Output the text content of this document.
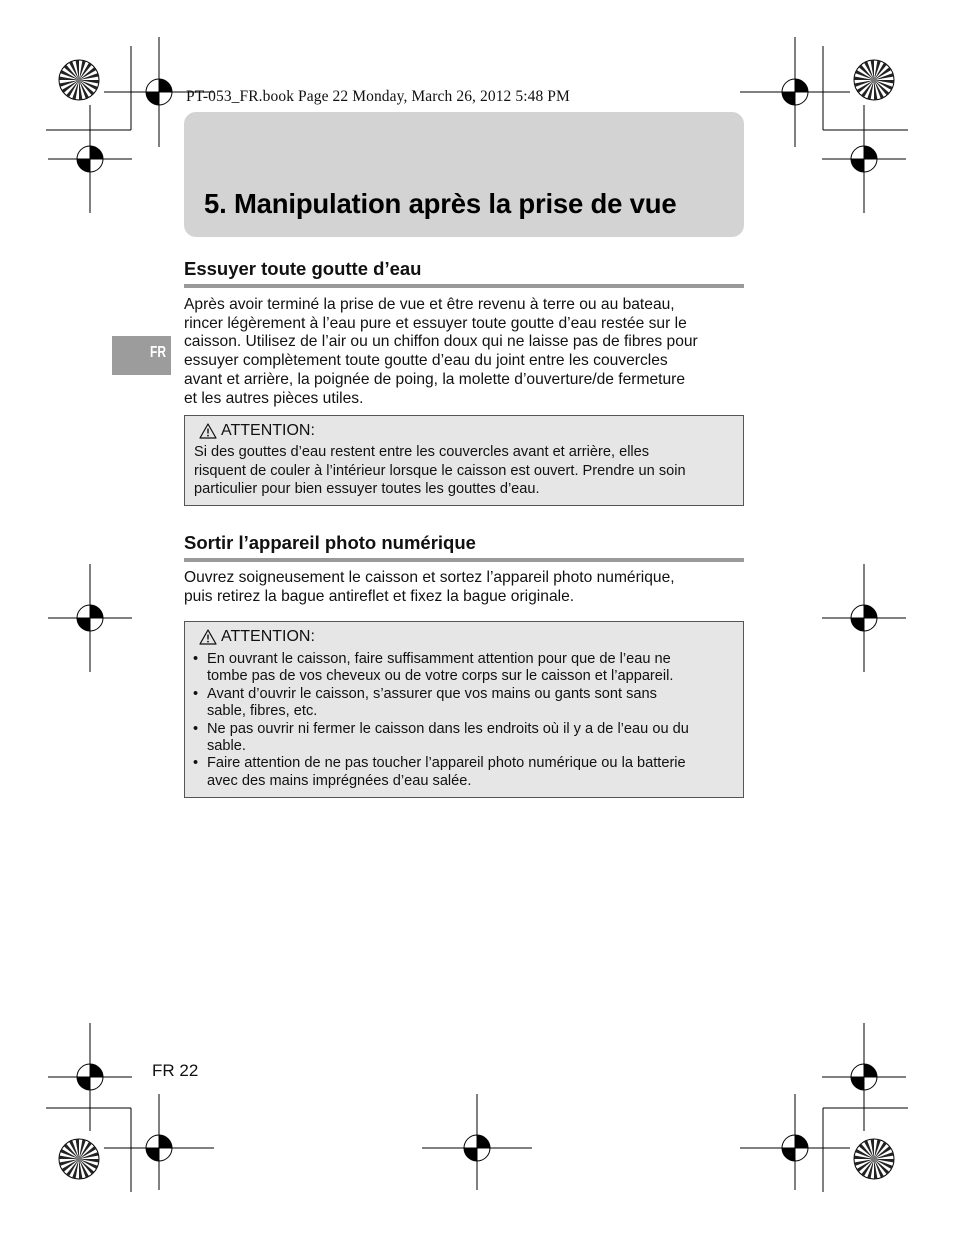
PT-053_FR.book Page 22 Monday, March 26, 2012 5:48 PM
5. Manipulation après la prise de vue
FR
Essuyer toute goutte d’eau

Après avoir terminé la prise de vue et être revenu à terre ou au bateau,
rincer légèrement à l’eau pure et essuyer toute goutte d’eau restée sur le
caisson. Utilisez de l’air ou un chiffon doux qui ne laisse pas de fibres pour
essuyer complètement toute goutte d’eau du joint entre les couvercles
avant et arrière, la poignée de poing, la molette d’ouverture/de fermeture
et les autres pièces utiles.

ATTENTION:

Si des gouttes d’eau restent entre les couvercles avant et arrière, elles
risquent de couler à l’intérieur lorsque le caisson est ouvert. Prendre un soin
particulier pour bien essuyer toutes les gouttes d’eau.

Sortir l’appareil photo numérique

Ouvrez soigneusement le caisson et sortez l’appareil photo numérique,
puis retirez la bague antireflet et fixez la bague originale.

ATTENTION:
• En ouvrant le caisson, faire suffisamment attention pour que de l’eau ne
tombe pas de vos cheveux ou de votre corps sur le caisson et l’appareil.
• Avant d’ouvrir le caisson, s’assurer que vos mains ou gants sont sans
sable, fibres, etc.
• Ne pas ouvrir ni fermer le caisson dans les endroits où il y a de l’eau ou du
sable.
• Faire attention de ne pas toucher l’appareil photo numérique ou la batterie
avec des mains imprégnées d’eau salée.
FR 22
